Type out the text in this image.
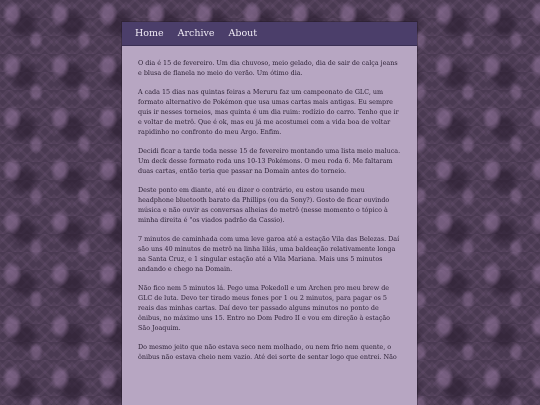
Home Archive About

O dia é 15 de fevereiro. Um dia chuvoso, meio gelado, dia de sair de calça jeans e blusa de flanela no meio do verão. Um ótimo dia.

A cada 15 dias nas quintas feiras a Meruru faz um campeonato de GLC, um formato alternativo de Pokémon que usa umas cartas mais antigas. Eu sempre quis ir nesses torneios, mas quinta é um dia ruim: rodízio do carro. Tenho que ir e voltar de metrô. Que é ok, mas eu já me acostumei com a vida boa de voltar rapidinho no confronto do meu Argo. Enfim.

Decidi ficar a tarde toda nesse 15 de fevereiro montando uma lista meio maluca. Um deck desse formato roda uns 10-13 Pokémons. O meu roda 6. Me faltaram duas cartas, então teria que passar na Domain antes do torneio.

Deste ponto em diante, até eu dizer o contrário, eu estou usando meu headphone bluetooth barato da Phillips (ou da Sony?). Gosto de ficar ouvindo música e não ouvir as conversas alheias do metrô (nesse momento o tópico à minha direita é "os viados padrão da Cassio).

7 minutos de caminhada com uma leve garoa até a estação Vila das Belezas. Daí são uns 40 minutos de metrô na linha lilás, uma baldeação relativamente longa na Santa Cruz, e 1 singular estação até a Vila Mariana. Mais uns 5 minutos andando e chego na Domain.

Não fico nem 5 minutos lá. Pego uma Pokedoll e um Archen pro meu brew de GLC de luta. Devo ter tirado meus fones por 1 ou 2 minutos, para pagar os 5 reais das minhas cartas. Daí devo ter passado alguns minutos no ponto de ônibus, no máximo uns 15. Entro no Dom Pedro II e vou em direção à estação São Joaquim.

Do mesmo jeito que não estava seco nem molhado, ou nem frio nem quente, o ônibus não estava cheio nem vazio. Até dei sorte de sentar logo que entrei. Não
